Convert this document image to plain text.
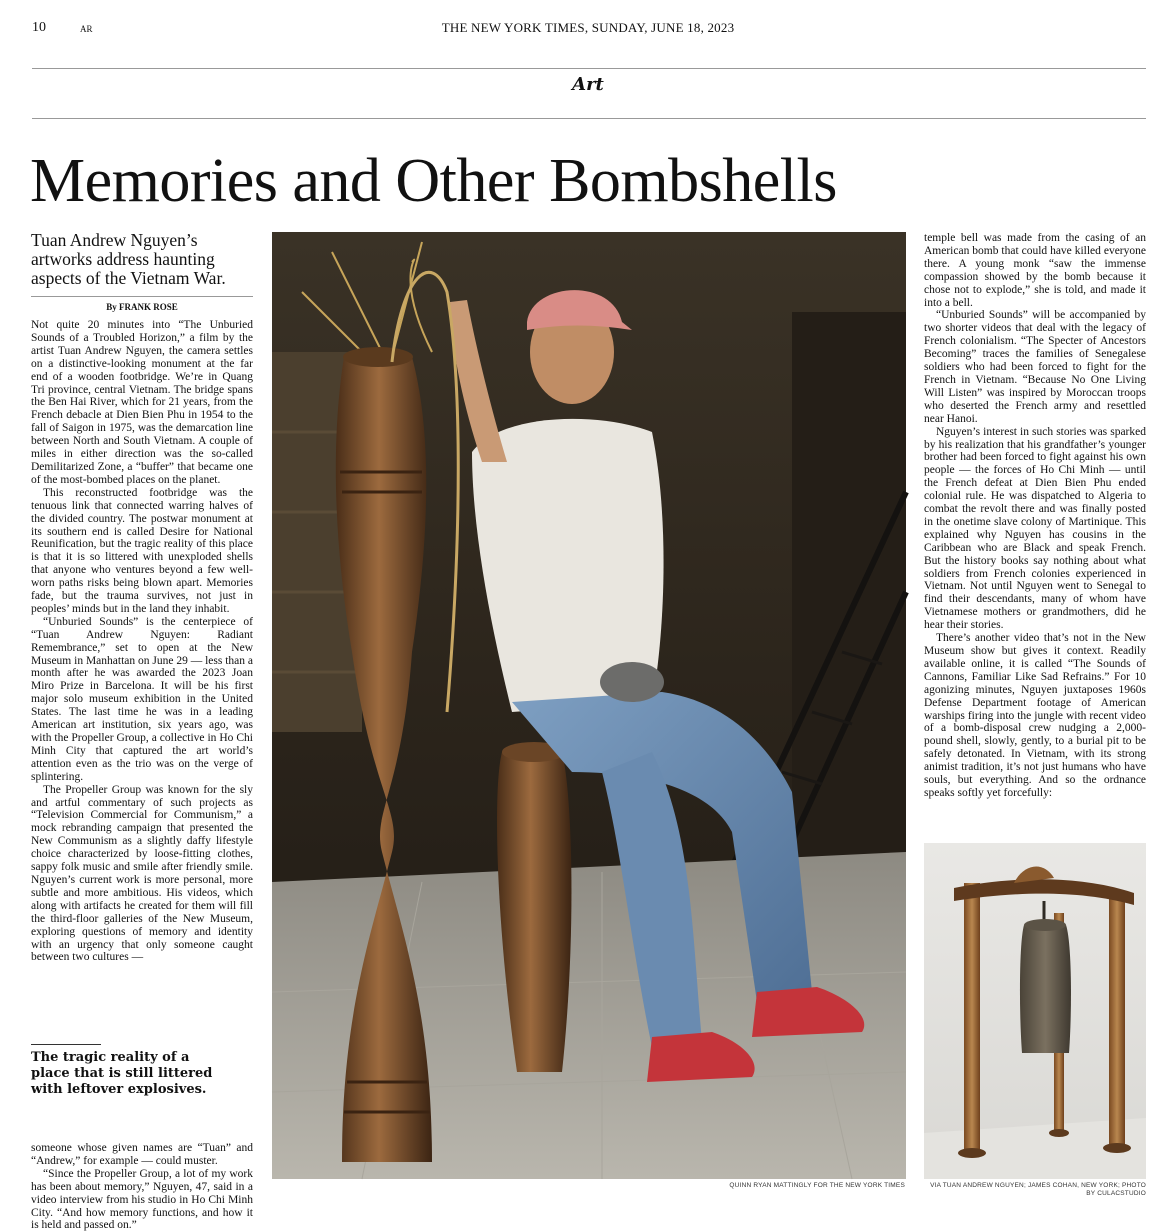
10	AR	THE NEW YORK TIMES, SUNDAY, JUNE 18, 2023
Art
Memories and Other Bombshells

Tuan Andrew Nguyen’s artworks address haunting aspects of the Vietnam War.

By FRANK ROSE

Not quite 20 minutes into “The Unburied Sounds of a Troubled Horizon,” a film by the artist Tuan Andrew Nguyen, the camera settles on a distinctive-looking monument at the far end of a wooden footbridge. We’re in Quang Tri province, central Vietnam. The bridge spans the Ben Hai River, which for 21 years, from the French debacle at Dien Bien Phu in 1954 to the fall of Saigon in 1975, was the demarcation line between North and South Vietnam. A couple of miles in either direction was the so-called Demilitarized Zone, a “buffer” that became one of the most-bombed places on the planet.

This reconstructed footbridge was the tenuous link that connected warring halves of the divided country. The postwar monument at its southern end is called Desire for National Reunification, but the tragic reality of this place is that it is so littered with unexploded shells that anyone who ventures beyond a few well-worn paths risks being blown apart. Memories fade, but the trauma survives, not just in peoples’ minds but in the land they inhabit.

“Unburied Sounds” is the centerpiece of “Tuan Andrew Nguyen: Radiant Remembrance,” set to open at the New Museum in Manhattan on June 29 — less than a month after he was awarded the 2023 Joan Miro Prize in Barcelona. It will be his first major solo museum exhibition in the United States. The last time he was in a leading American art institution, six years ago, was with the Propeller Group, a collective in Ho Chi Minh City that captured the art world’s attention even as the trio was on the verge of splintering.

The Propeller Group was known for the sly and artful commentary of such projects as “Television Commercial for Communism,” a mock rebranding campaign that presented the New Communism as a slightly daffy lifestyle choice characterized by loose-fitting clothes, sappy folk music and smile after friendly smile. Nguyen’s current work is more personal, more subtle and more ambitious. His videos, which along with artifacts he created for them will fill the third-floor galleries of the New Museum, exploring questions of memory and identity with an urgency that only someone caught between two cultures —

The tragic reality of a place that is still littered with leftover explosives.

someone whose given names are “Tuan” and “Andrew,” for example — could muster.

“Since the Propeller Group, a lot of my work has been about memory,” Nguyen, 47, said in a video interview from his studio in Ho Chi Minh City. “And how memory functions, and how it is held and passed on.”

QUINN RYAN MATTINGLY FOR THE NEW YORK TIMES

temple bell was made from the casing of an American bomb that could have killed everyone there. A young monk “saw the immense compassion showed by the bomb because it chose not to explode,” she is told, and made it into a bell.

“Unburied Sounds” will be accompanied by two shorter videos that deal with the legacy of French colonialism. “The Specter of Ancestors Becoming” traces the families of Senegalese soldiers who had been forced to fight for the French in Vietnam. “Because No One Living Will Listen” was inspired by Moroccan troops who deserted the French army and resettled near Hanoi.

Nguyen’s interest in such stories was sparked by his realization that his grandfather’s younger brother had been forced to fight against his own people — the forces of Ho Chi Minh — until the French defeat at Dien Bien Phu ended colonial rule. He was dispatched to Algeria to combat the revolt there and was finally posted in the onetime slave colony of Martinique. This explained why Nguyen has cousins in the Caribbean who are Black and speak French. But the history books say nothing about what soldiers from French colonies experienced in Vietnam. Not until Nguyen went to Senegal to find their descendants, many of whom have Vietnamese mothers or grandmothers, did he hear their stories.

There’s another video that’s not in the New Museum show but gives it context. Readily available online, it is called “The Sounds of Cannons, Familiar Like Sad Refrains.” For 10 agonizing minutes, Nguyen juxtaposes 1960s Defense Department footage of American warships firing into the jungle with recent video of a bomb-disposal crew nudging a 2,000-pound shell, slowly, gently, to a burial pit to be safely detonated. In Vietnam, with its strong animist tradition, it’s not just humans who have souls, but everything. And so the ordnance speaks softly yet forcefully:

VIA TUAN ANDREW NGUYEN; JAMES COHAN, NEW YORK; PHOTO BY CULACSTUDIO
